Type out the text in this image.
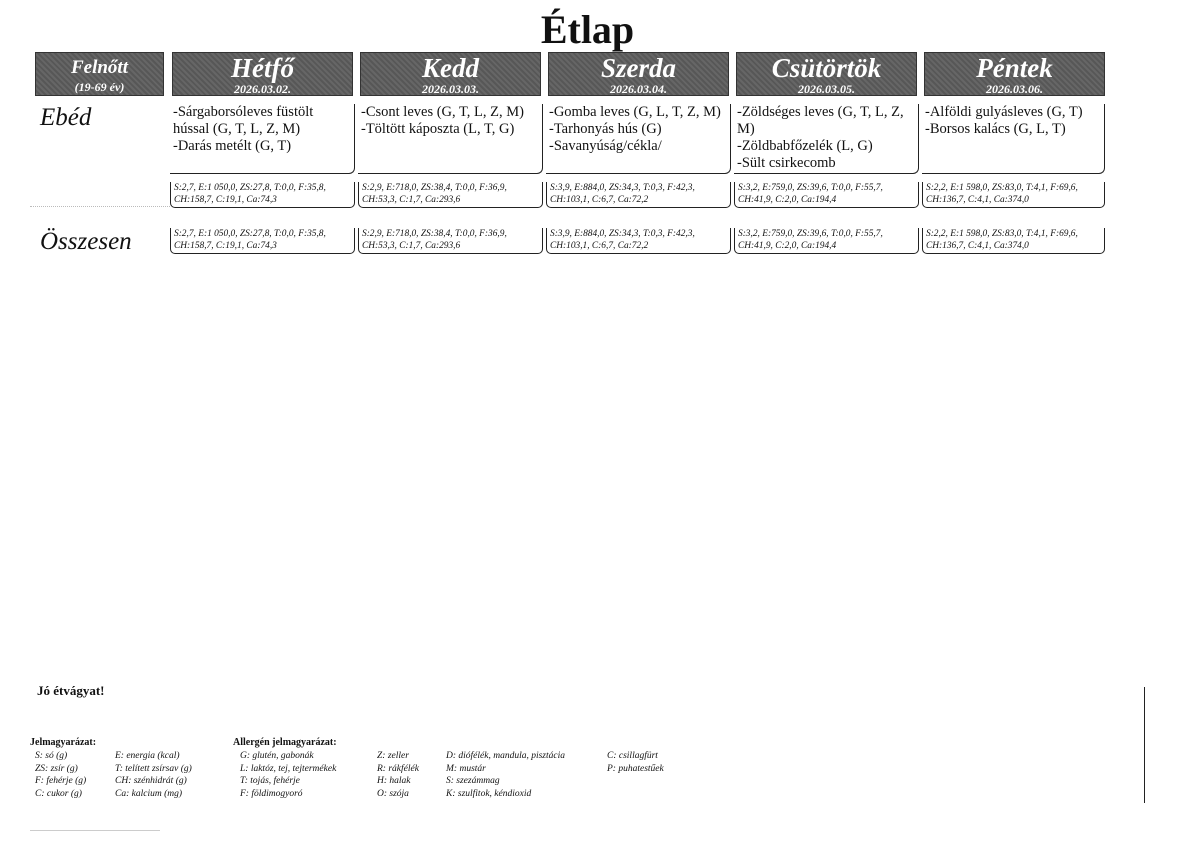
Étlap
Felnőtt
(19-69 év)
Hétfő
2026.03.02.
Kedd
2026.03.03.
Szerda
2026.03.04.
Csütörtök
2026.03.05.
Péntek
2026.03.06.
Ebéd
Összesen
-Sárgaborsóleves füstölt
hússal (G, T, L, Z, M)
-Darás metélt (G, T)
-Csont leves (G, T, L, Z, M)
-Töltött káposzta (L, T, G)
-Gomba leves (G, L, T, Z, M)
-Tarhonyás hús (G)
-Savanyúság/cékla/
-Zöldséges leves (G, T, L, Z,
M)
-Zöldbabfőzelék (L, G)
-Sült csirkecomb
-Alföldi gulyásleves (G, T)
-Borsos kalács (G, L, T)
S:2,7, E:1 050,0, ZS:27,8, T:0,0, F:35,8,
CH:158,7, C:19,1, Ca:74,3
S:2,9, E:718,0, ZS:38,4, T:0,0, F:36,9,
CH:53,3, C:1,7, Ca:293,6
S:3,9, E:884,0, ZS:34,3, T:0,3, F:42,3,
CH:103,1, C:6,7, Ca:72,2
S:3,2, E:759,0, ZS:39,6, T:0,0, F:55,7,
CH:41,9, C:2,0, Ca:194,4
S:2,2, E:1 598,0, ZS:83,0, T:4,1, F:69,6,
CH:136,7, C:4,1, Ca:374,0
S:2,7, E:1 050,0, ZS:27,8, T:0,0, F:35,8,
CH:158,7, C:19,1, Ca:74,3
S:2,9, E:718,0, ZS:38,4, T:0,0, F:36,9,
CH:53,3, C:1,7, Ca:293,6
S:3,9, E:884,0, ZS:34,3, T:0,3, F:42,3,
CH:103,1, C:6,7, Ca:72,2
S:3,2, E:759,0, ZS:39,6, T:0,0, F:55,7,
CH:41,9, C:2,0, Ca:194,4
S:2,2, E:1 598,0, ZS:83,0, T:4,1, F:69,6,
CH:136,7, C:4,1, Ca:374,0
Jó étvágyat!
Jelmagyarázat:
S: só (g)
ZS: zsír (g)
F: fehérje (g)
C: cukor (g)
E: energia (kcal)
T: telített zsírsav (g)
CH: szénhidrát (g)
Ca: kalcium (mg)
Allergén jelmagyarázat:
G: glutén, gabonák
L: laktóz, tej, tejtermékek
T: tojás, fehérje
F: földimogyoró
Z: zeller
R: rákfélék
H: halak
O: szója
D: diófélék, mandula, pisztácia
M: mustár
S: szezámmag
K: szulfitok, kéndioxid
C: csillagfürt
P: puhatestűek
